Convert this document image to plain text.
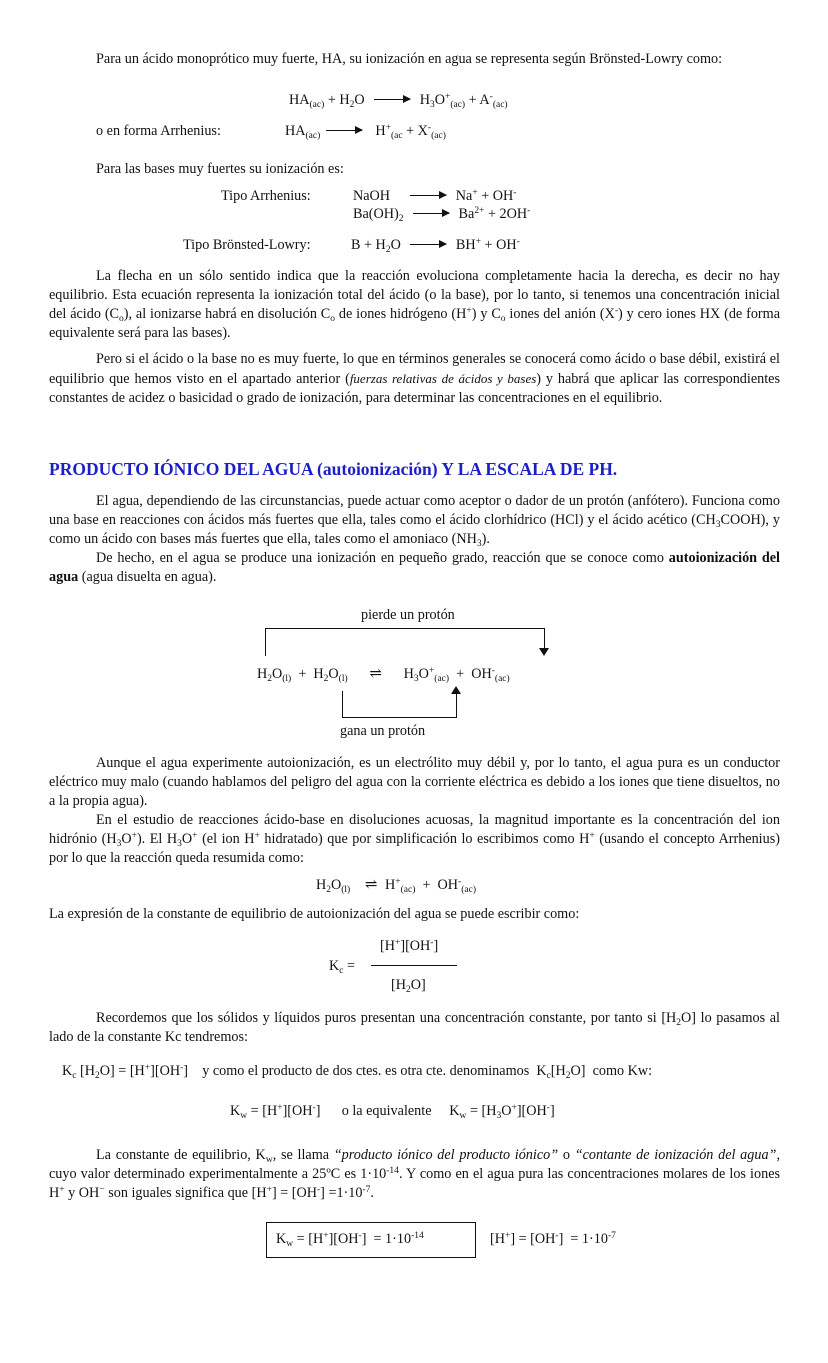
Para un ácido monoprótico muy fuerte, HA, su ionización en agua se representa según Brönsted-Lowry como:

$HA_{(ac)} + H_2O$	$H_3O^+_{(ac)} + A^-_{(ac)}$
o en forma Arrhenius:	$HA_{(ac)}$	$H^+_{(ac} + X^-_{(ac)}$
Para las bases muy fuertes su ionización es:
Tipo Arrhenius:	NaOH	Na+ + OH-
$Ba(OH)_2$	$Ba^{2+} + 2OH^-$
Tipo Brönsted-Lowry:	$B + H_2O$	BH+ + OH-

La flecha en un sólo sentido indica que la reacción evoluciona completamente hacia la derecha, es decir no hay equilibrio. Esta ecuación representa la ionización total del ácido (o la base), por lo tanto, si tenemos una concentración inicial del ácido $(C_o)$, al ionizarse habrá en disolución $C_o$ de iones hidrógeno (H+) y $C_o$ iones del anión (X-) y cero iones HX (de forma equivalente será para las bases).

Pero si el ácido o la base no es muy fuerte, lo que en términos generales se conocerá como ácido o base débil, existirá el equilibrio que hemos visto en el apartado anterior (fuerzas relativas de ácidos y bases) y habrá que aplicar las correspondientes constantes de acidez o basicidad o grado de ionización, para determinar las concentraciones en el equilibrio.

PRODUCTO IÓNICO DEL AGUA (autoionización) Y LA ESCALA DE PH.

El agua, dependiendo de las circunstancias, puede actuar como aceptor o dador de un protón (anfótero). Funciona como una base en reacciones con ácidos más fuertes que ella, tales como el ácido clorhídrico (HCl) y el ácido acético $(CH_3COOH)$, y como un ácido con bases más fuertes que ella, tales como el amoniaco $(NH_3)$.

De hecho, en el agua se produce una ionización en pequeño grado, reacción que se conoce como autoionización del agua (agua disuelta en agua).

pierde un protón
$H_2O_{(l)} + H_2O_{(l)}$ ⇌     $H_3O^+_{(ac)} + OH^-_{(ac)}$
gana un protón

Aunque el agua experimente autoionización, es un electrólito muy débil y, por lo tanto, el agua pura es un conductor eléctrico muy malo (cuando hablamos del peligro del agua con la corriente eléctrica es debido a los iones que tiene disueltos, no a la propia agua).

En el estudio de reacciones ácido-base en disoluciones acuosas, la magnitud importante es la concentración del ion hidrónio $(H_3O^+)$. El $H_3O^+$ (el ion H+ hidratado) que por simplificación lo escribimos como H+ (usando el concepto Arrhenius) por lo que la reacción queda resumida como:

$H_2O_{(l)}$ ⇌ $H^+_{(ac)} + OH^-_{(ac)}$

La expresión de la constante de equilibrio de autoionización del agua se puede escribir como:

$K_c$ =
[H+][OH-]
$[H_2O]$

Recordemos que los sólidos y líquidos puros presentan una concentración constante, por tanto si $[H_2O]$ lo pasamos al lado de la constante Kc tendremos:

$K_c$ $[H_2O] = [H^+][OH^-]$    y como el producto de dos ctes. es otra cte. denominamos  $K_c[H_2O]$  como Kw:
$K_w = [H^+][OH^-]$      o la equivalente     $K_w = [H_3O^+][OH^-]$

La constante de equilibrio, $K_w$, se llama “producto iónico del producto iónico” o “contante de ionización del agua”, cuyo valor determinado experimentalmente a 25ºC es $1\cdot 10^{-14}$. Y como en el agua pura las concentraciones molares de los iones H+ y OH− son iguales significa que $[H^+] = [OH^-] =1\cdot 10^{-7}$.

$K_w = [H^+][OH^-] = 1\cdot 10^{-14}$	$[H^+] = [OH^-] = 1\cdot 10^{-7}$
